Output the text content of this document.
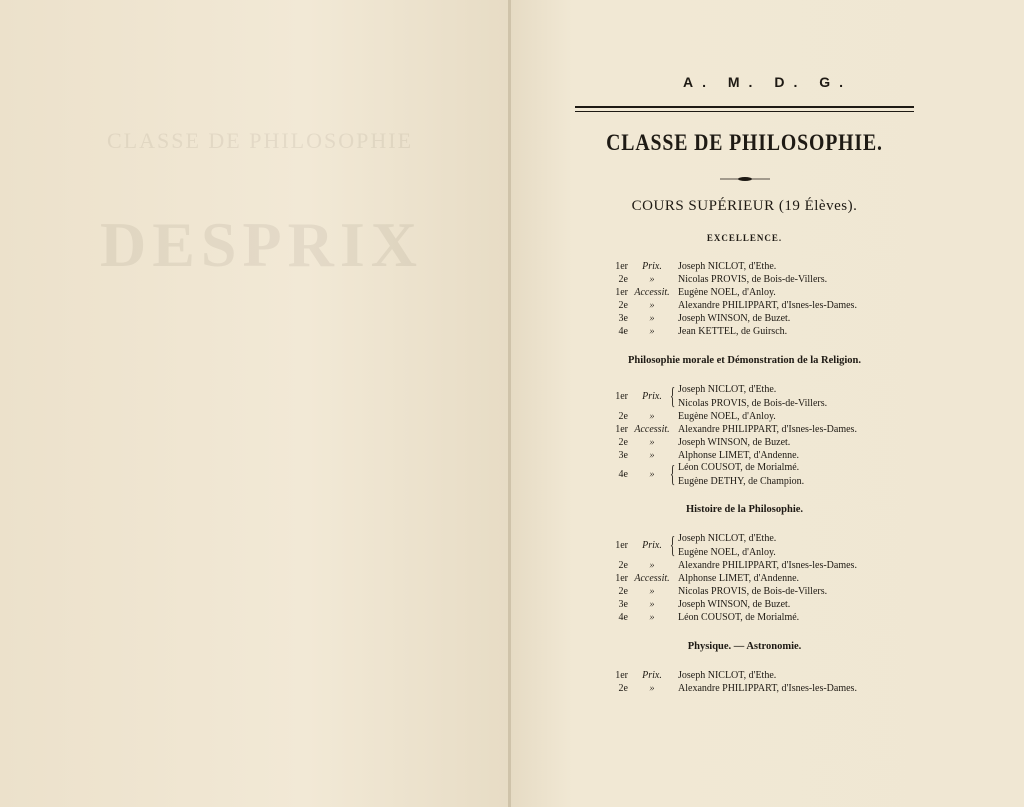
CLASSE DE PHILOSOPHIE
DESPRIX
A. M. D. G.
CLASSE DE PHILOSOPHIE.
COURS SUPÉRIEUR (19 Élèves).
EXCELLENCE.
1er	Prix.	Joseph NICLOT, d'Ethe.
2e	»	Nicolas PROVIS, de Bois-de-Villers.
1er Accessit. Eugène NOEL, d'Anloy.
2e	»	Alexandre PHILIPPART, d'Isnes-les-Dames.
3e	»	Joseph WINSON, de Buzet.
4e	»	Jean KETTEL, de Guirsch.
Philosophie morale et Démonstration de la Religion.
1er	Prix. { Joseph NICLOT, d'Ethe.
Nicolas PROVIS, de Bois-de-Villers.
2e	»	Eugène NOEL, d'Anloy.
1er Accessit. Alexandre PHILIPPART, d'Isnes-les-Dames.
2e	»	Joseph WINSON, de Buzet.
3e	»	Alphonse LIMET, d'Andenne.
4e	» { Léon COUSOT, de Morialmé.
Eugène DETHY, de Champion.
Histoire de la Philosophie.
1er	Prix. { Joseph NICLOT, d'Ethe.
Eugène NOEL, d'Anloy.
2e	»	Alexandre PHILIPPART, d'Isnes-les-Dames.
1er Accessit. Alphonse LIMET, d'Andenne.
2e	»	Nicolas PROVIS, de Bois-de-Villers.
3e	»	Joseph WINSON, de Buzet.
4e	»	Léon COUSOT, de Morialmé.
Physique. — Astronomie.
1er	Prix.	Joseph NICLOT, d'Ethe.
2e	»	Alexandre PHILIPPART, d'Isnes-les-Dames.
